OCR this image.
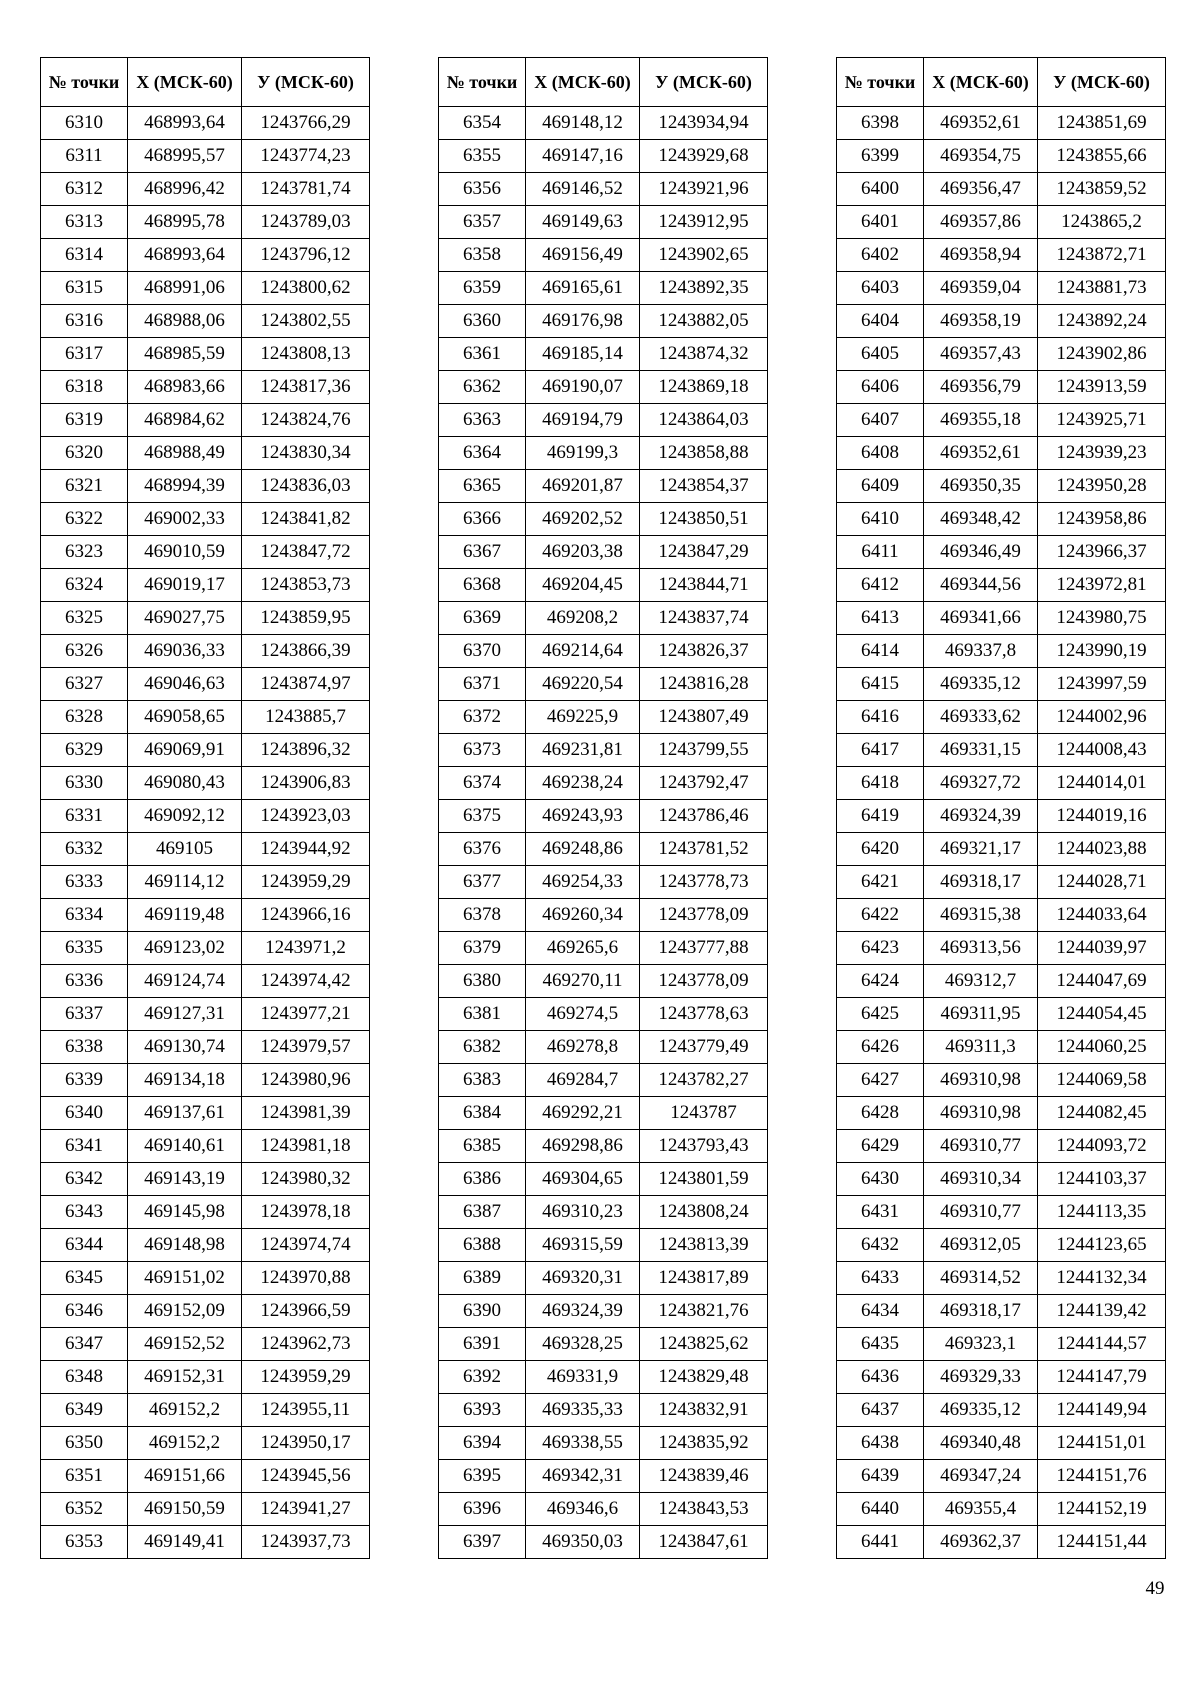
№ точки	Х (МСК-60)	У (МСК-60)
6310	468993,64	1243766,29
6311	468995,57	1243774,23
6312	468996,42	1243781,74
6313	468995,78	1243789,03
6314	468993,64	1243796,12
6315	468991,06	1243800,62
6316	468988,06	1243802,55
6317	468985,59	1243808,13
6318	468983,66	1243817,36
6319	468984,62	1243824,76
6320	468988,49	1243830,34
6321	468994,39	1243836,03
6322	469002,33	1243841,82
6323	469010,59	1243847,72
6324	469019,17	1243853,73
6325	469027,75	1243859,95
6326	469036,33	1243866,39
6327	469046,63	1243874,97
6328	469058,65	1243885,7
6329	469069,91	1243896,32
6330	469080,43	1243906,83
6331	469092,12	1243923,03
6332	469105	1243944,92
6333	469114,12	1243959,29
6334	469119,48	1243966,16
6335	469123,02	1243971,2
6336	469124,74	1243974,42
6337	469127,31	1243977,21
6338	469130,74	1243979,57
6339	469134,18	1243980,96
6340	469137,61	1243981,39
6341	469140,61	1243981,18
6342	469143,19	1243980,32
6343	469145,98	1243978,18
6344	469148,98	1243974,74
6345	469151,02	1243970,88
6346	469152,09	1243966,59
6347	469152,52	1243962,73
6348	469152,31	1243959,29
6349	469152,2	1243955,11
6350	469152,2	1243950,17
6351	469151,66	1243945,56
6352	469150,59	1243941,27
6353	469149,41	1243937,73
№ точки	Х (МСК-60)	У (МСК-60)
6354	469148,12	1243934,94
6355	469147,16	1243929,68
6356	469146,52	1243921,96
6357	469149,63	1243912,95
6358	469156,49	1243902,65
6359	469165,61	1243892,35
6360	469176,98	1243882,05
6361	469185,14	1243874,32
6362	469190,07	1243869,18
6363	469194,79	1243864,03
6364	469199,3	1243858,88
6365	469201,87	1243854,37
6366	469202,52	1243850,51
6367	469203,38	1243847,29
6368	469204,45	1243844,71
6369	469208,2	1243837,74
6370	469214,64	1243826,37
6371	469220,54	1243816,28
6372	469225,9	1243807,49
6373	469231,81	1243799,55
6374	469238,24	1243792,47
6375	469243,93	1243786,46
6376	469248,86	1243781,52
6377	469254,33	1243778,73
6378	469260,34	1243778,09
6379	469265,6	1243777,88
6380	469270,11	1243778,09
6381	469274,5	1243778,63
6382	469278,8	1243779,49
6383	469284,7	1243782,27
6384	469292,21	1243787
6385	469298,86	1243793,43
6386	469304,65	1243801,59
6387	469310,23	1243808,24
6388	469315,59	1243813,39
6389	469320,31	1243817,89
6390	469324,39	1243821,76
6391	469328,25	1243825,62
6392	469331,9	1243829,48
6393	469335,33	1243832,91
6394	469338,55	1243835,92
6395	469342,31	1243839,46
6396	469346,6	1243843,53
6397	469350,03	1243847,61
№ точки	Х (МСК-60)	У (МСК-60)
6398	469352,61	1243851,69
6399	469354,75	1243855,66
6400	469356,47	1243859,52
6401	469357,86	1243865,2
6402	469358,94	1243872,71
6403	469359,04	1243881,73
6404	469358,19	1243892,24
6405	469357,43	1243902,86
6406	469356,79	1243913,59
6407	469355,18	1243925,71
6408	469352,61	1243939,23
6409	469350,35	1243950,28
6410	469348,42	1243958,86
6411	469346,49	1243966,37
6412	469344,56	1243972,81
6413	469341,66	1243980,75
6414	469337,8	1243990,19
6415	469335,12	1243997,59
6416	469333,62	1244002,96
6417	469331,15	1244008,43
6418	469327,72	1244014,01
6419	469324,39	1244019,16
6420	469321,17	1244023,88
6421	469318,17	1244028,71
6422	469315,38	1244033,64
6423	469313,56	1244039,97
6424	469312,7	1244047,69
6425	469311,95	1244054,45
6426	469311,3	1244060,25
6427	469310,98	1244069,58
6428	469310,98	1244082,45
6429	469310,77	1244093,72
6430	469310,34	1244103,37
6431	469310,77	1244113,35
6432	469312,05	1244123,65
6433	469314,52	1244132,34
6434	469318,17	1244139,42
6435	469323,1	1244144,57
6436	469329,33	1244147,79
6437	469335,12	1244149,94
6438	469340,48	1244151,01
6439	469347,24	1244151,76
6440	469355,4	1244152,19
6441	469362,37	1244151,44
49
